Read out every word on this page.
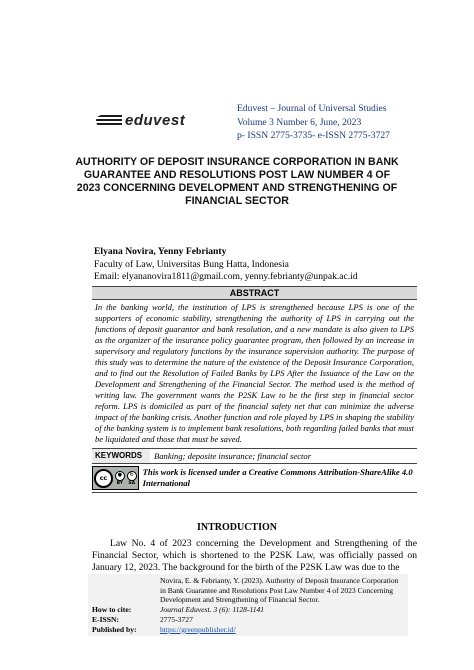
eduvest
Eduvest – Journal of Universal Studies
Volume 3 Number 6, June, 2023
p- ISSN 2775-3735- e-ISSN 2775-3727
AUTHORITY OF DEPOSIT INSURANCE CORPORATION IN BANK GUARANTEE AND RESOLUTIONS POST LAW NUMBER 4 OF 2023 CONCERNING DEVELOPMENT AND STRENGTHENING OF FINANCIAL SECTOR
Elyana Novira, Yenny Febrianty
Faculty of Law, Universitas Bung Hatta, Indonesia
Email: elyananovira1811@gmail.com, yenny.febrianty@unpak.ac.id
ABSTRACT
In the banking world, the institution of LPS is strengthened because LPS is one of the supporters of economic stability, strengthening the authority of LPS in carrying out the functions of deposit guarantor and bank resolution, and a new mandate is also given to LPS as the organizer of the insurance policy guarantee program, then followed by an increase in supervisory and regulatory functions by the insurance supervision authority. The purpose of this study was to determine the nature of the existence of the Deposit Insurance Corporation, and to find out the Resolution of Failed Banks by LPS After the Issuance of the Law on the Development and Strengthening of the Financial Sector. The method used is the method of writing law. The government wants the P2SK Law to be the first step in financial sector reform. LPS is domiciled as part of the financial safety net that can minimize the adverse impact of the banking crisis. Another function and role played by LPS in shaping the stability of the banking system is to implement bank resolutions, both regarding failed banks that must be liquidated and those that must be saved.
KEYWORDS	Banking; deposite insurance; financial sector
cc	●
BY
↻
SA
This work is licensed under a Creative Commons Attribution-ShareAlike 4.0 International
INTRODUCTION
Law No. 4 of 2023 concerning the Development and Strengthening of the Financial Sector, which is shortened to the P2SK Law, was officially passed on January 12, 2023. The background for the birth of the P2SK Law was due to the
Novira, E. & Febrianty, Y. (2023). Authority of Deposit Insurance Corporation in Bank Guarantee and Resolutions Post Law Number 4 of 2023 Concerning Development and Strengthening of Financial Sector.
How to cite:	Journal Eduvest. 3 (6): 1128-1141
E-ISSN:	2775-3727
Published by:	https://greenpublisher.id/
